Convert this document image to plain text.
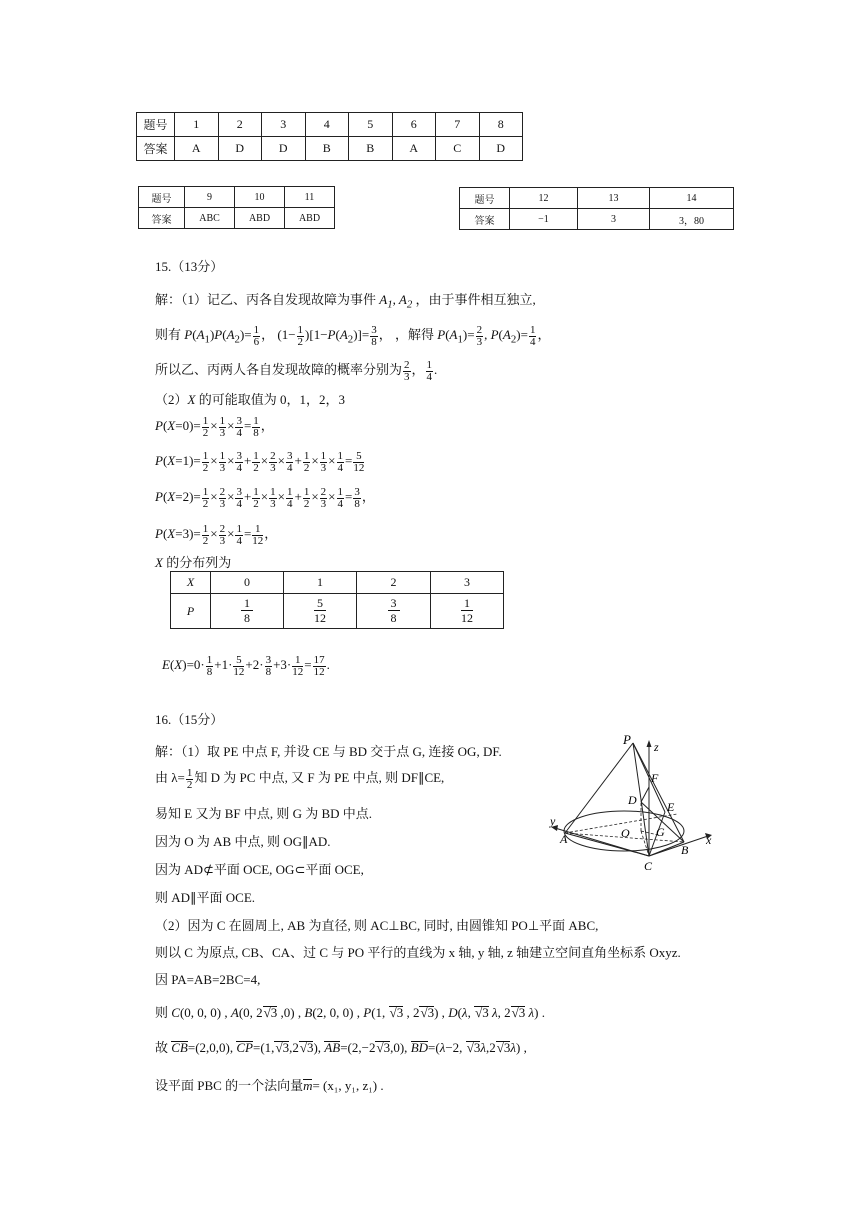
题号	1	2	3	4	5	6	7	8
答案	A	D	D	B	B	A	C	D
题号	9	10	11
答案	ABC	ABD	ABD
题号	12	13	14
答案	−1	3	3，80
15.（13分）
解：（1）记乙、丙各自发现故障为事件 $A_1$, $A_2$ ，由于事件相互独立,
则有 $P(A_1)P(A_2)= \frac{1}{6}$ ， $(1- \frac{1}{2} )[1-P(A_2)]= \frac{3}{8}$ ， ，解得 $P(A_1)= \frac{2}{3}$ , $P(A_2)= \frac{1}{4}$ ，
所以乙、丙两人各自发现故障的概率分别为 $\frac{2}{3}$ ， $\frac{1}{4}$ .
（2）X 的可能取值为 0，1，2，3
$P(X=0)= \frac{1}{2} \times \frac{1}{3} \times \frac{3}{4} = \frac{1}{8}$ ，
$P(X=1)= \frac{1}{2} \times \frac{1}{3} \times \frac{3}{4} + \frac{1}{2} \times \frac{2}{3} \times \frac{3}{4} + \frac{1}{2} \times \frac{1}{3} \times \frac{1}{4} = \frac{5}{12}$
$P(X=2)= \frac{1}{2} \times \frac{2}{3} \times \frac{3}{4} + \frac{1}{2} \times \frac{1}{3} \times \frac{1}{4} + \frac{1}{2} \times \frac{2}{3} \times \frac{1}{4} = \frac{3}{8}$ ，
$P(X=3)= \frac{1}{2} \times \frac{2}{3} \times \frac{1}{4} = \frac{1}{12}$ ，
X 的分布列为
X	0	1	2	3
P	$\frac{1}{8}$	$\frac{5}{12}$	$\frac{3}{8}$	$\frac{1}{12}$
$E(X)=0\cdot \frac{1}{8} +1\cdot \frac{5}{12} +2\cdot \frac{3}{8} +3\cdot \frac{1}{12} = \frac{17}{12}$ .
16.（15分）
解：（1）取 PE 中点 F, 并设 CE 与 BD 交于点 G, 连接 OG, DF.
由 $\lambda= \frac{1}{2}$ 知 D 为 PC 中点, 又 F 为 PE 中点, 则 DF∥CE,
易知 E 又为 BF 中点, 则 G 为 BD 中点.
因为 O 为 AB 中点, 则 OG∥AD.
因为 AD⊄平面 OCE, OG⊂平面 OCE,
则 AD∥平面 OCE.
（2）因为 C 在圆周上, AB 为直径, 则 AC⊥BC, 同时, 由圆锥知 PO⊥平面 ABC,
则以 C 为原点, CB、CA、过 C 与 PO 平行的直线为 x 轴, y 轴, z 轴建立空间直角坐标系 Oxyz.
因 PA=AB=2BC=4,
则 C(0, 0, 0) , A(0, 2√3 ,0) , B(2, 0, 0) , P(1, √3 , 2√3) , D(λ, √3 λ, 2√3 λ) .
故 CB=(2,0,0), CP=(1,√3,2√3), AB=(2,−2√3,0), BD=(λ−2, √3λ,2√3λ) ,
设平面 PBC 的一个法向量m= (x₁, y₁, z₁) .
P z
F
D	E
O G
y
A
B
x
C
